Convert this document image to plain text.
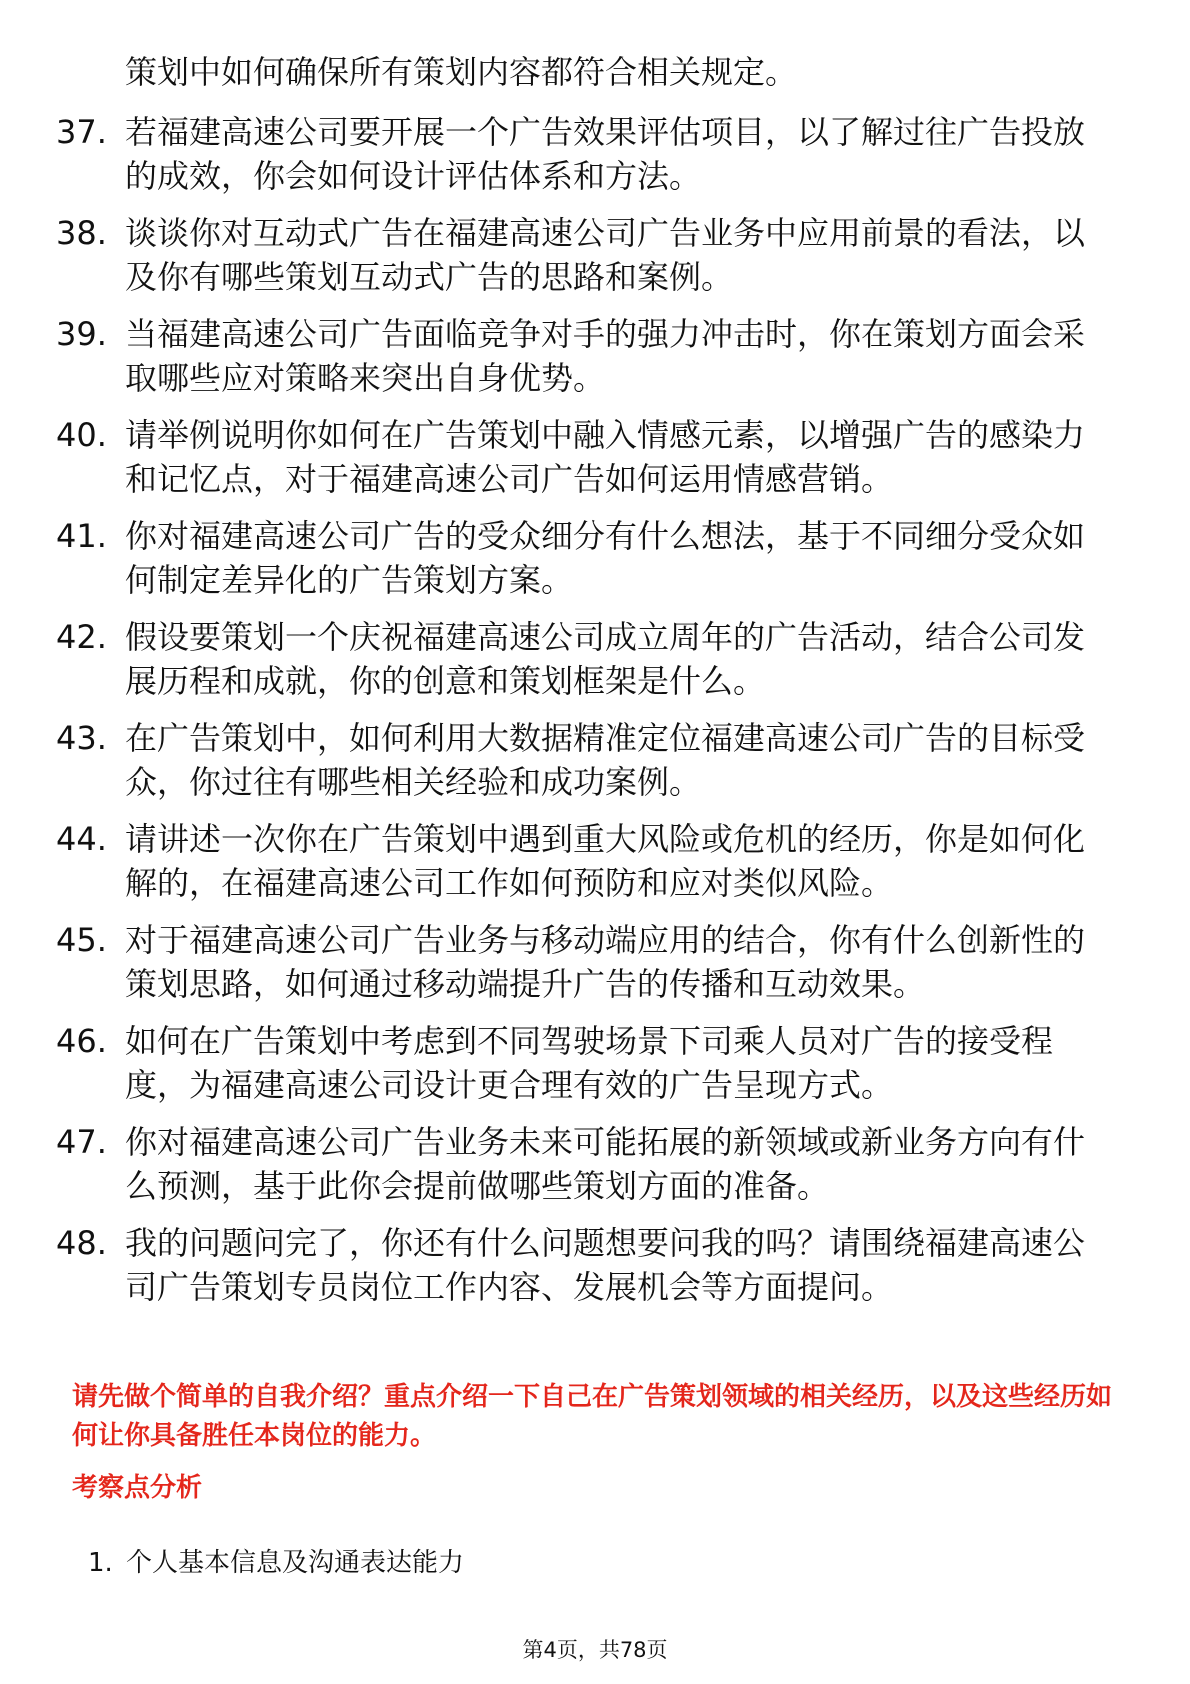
策划中如何确保所有策划内容都符合相关规定。
37. 若福建高速公司要开展一个广告效果评估项目，以了解过往广告投放的成效，你会如何设计评估体系和方法。
38. 谈谈你对互动式广告在福建高速公司广告业务中应用前景的看法，以及你有哪些策划互动式广告的思路和案例。
39. 当福建高速公司广告面临竞争对手的强力冲击时，你在策划方面会采取哪些应对策略来突出自身优势。
40. 请举例说明你如何在广告策划中融入情感元素，以增强广告的感染力和记忆点，对于福建高速公司广告如何运用情感营销。
41. 你对福建高速公司广告的受众细分有什么想法，基于不同细分受众如何制定差异化的广告策划方案。
42. 假设要策划一个庆祝福建高速公司成立周年的广告活动，结合公司发展历程和成就，你的创意和策划框架是什么。
43. 在广告策划中，如何利用大数据精准定位福建高速公司广告的目标受众，你过往有哪些相关经验和成功案例。
44. 请讲述一次你在广告策划中遇到重大风险或危机的经历，你是如何化解的，在福建高速公司工作如何预防和应对类似风险。
45. 对于福建高速公司广告业务与移动端应用的结合，你有什么创新性的策划思路，如何通过移动端提升广告的传播和互动效果。
46. 如何在广告策划中考虑到不同驾驶场景下司乘人员对广告的接受程度，为福建高速公司设计更合理有效的广告呈现方式。
47. 你对福建高速公司广告业务未来可能拓展的新领域或新业务方向有什么预测，基于此你会提前做哪些策划方面的准备。
48. 我的问题问完了，你还有什么问题想要问我的吗？请围绕福建高速公司广告策划专员岗位工作内容、发展机会等方面提问。
请先做个简单的自我介绍？重点介绍一下自己在广告策划领域的相关经历，以及这些经历如何让你具备胜任本岗位的能力。
考察点分析
1. 个人基本信息及沟通表达能力
第4页，共78页
